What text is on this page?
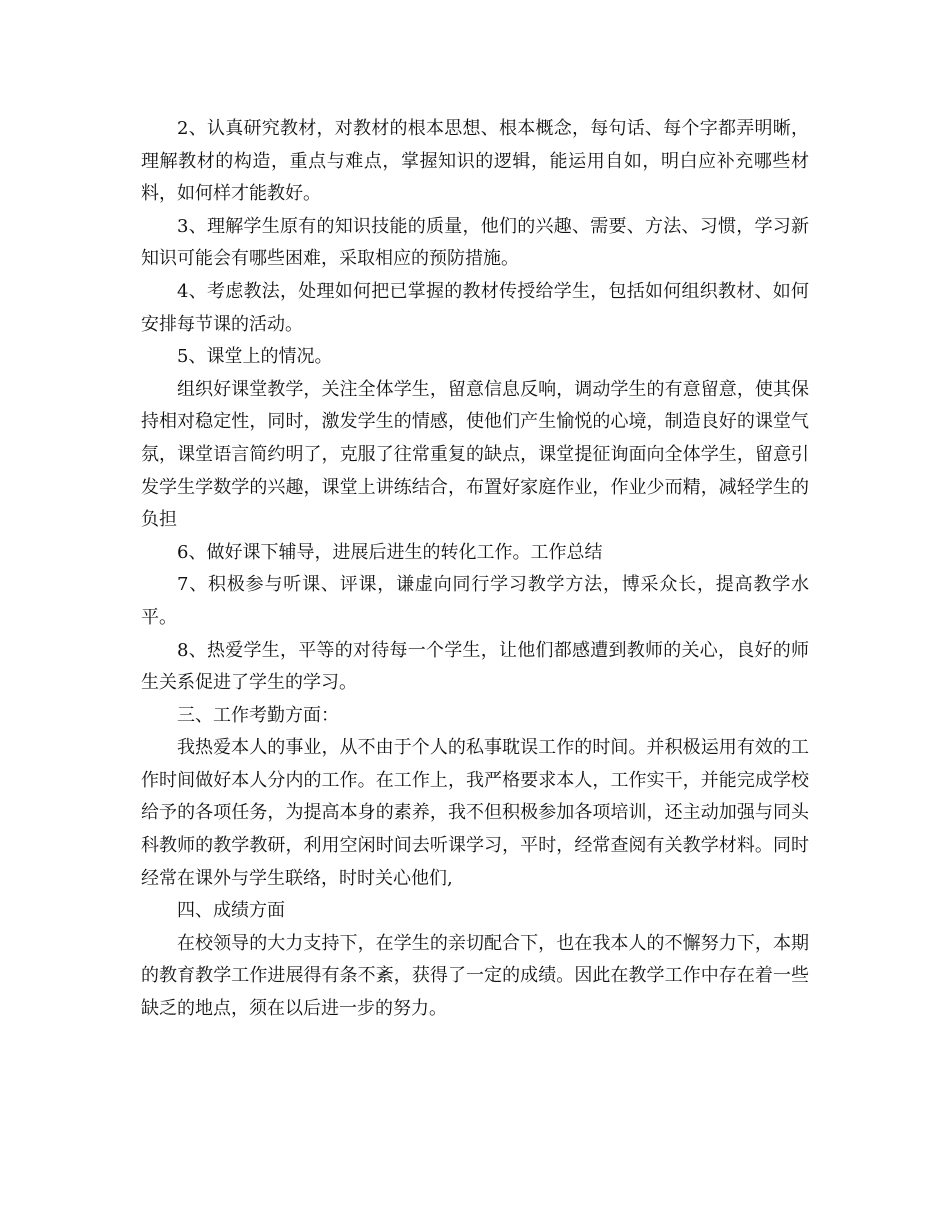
2、认真研究教材，对教材的根本思想、根本概念，每句话、每个字都弄明晰，理解教材的构造，重点与难点，掌握知识的逻辑，能运用自如，明白应补充哪些材料，如何样才能教好。

3、理解学生原有的知识技能的质量，他们的兴趣、需要、方法、习惯，学习新知识可能会有哪些困难，采取相应的预防措施。

4、考虑教法，处理如何把已掌握的教材传授给学生，包括如何组织教材、如何安排每节课的活动。

5、课堂上的情况。

组织好课堂教学，关注全体学生，留意信息反响，调动学生的有意留意，使其保持相对稳定性，同时，激发学生的情感，使他们产生愉悦的心境，制造良好的课堂气氛，课堂语言简约明了，克服了往常重复的缺点，课堂提征询面向全体学生，留意引发学生学数学的兴趣，课堂上讲练结合，布置好家庭作业，作业少而精，减轻学生的负担

6、做好课下辅导，进展后进生的转化工作。工作总结

7、积极参与听课、评课，谦虚向同行学习教学方法，博采众长，提高教学水平。

8、热爱学生，平等的对待每一个学生，让他们都感遭到教师的关心，良好的师生关系促进了学生的学习。

三、工作考勤方面：

我热爱本人的事业，从不由于个人的私事耽误工作的时间。并积极运用有效的工作时间做好本人分内的工作。在工作上，我严格要求本人，工作实干，并能完成学校给予的各项任务，为提高本身的素养，我不但积极参加各项培训，还主动加强与同头科教师的教学教研，利用空闲时间去听课学习，平时，经常查阅有关教学材料。同时经常在课外与学生联络，时时关心他们,

四、成绩方面

在校领导的大力支持下，在学生的亲切配合下，也在我本人的不懈努力下，本期的教育教学工作进展得有条不紊，获得了一定的成绩。因此在教学工作中存在着一些缺乏的地点，须在以后进一步的努力。
